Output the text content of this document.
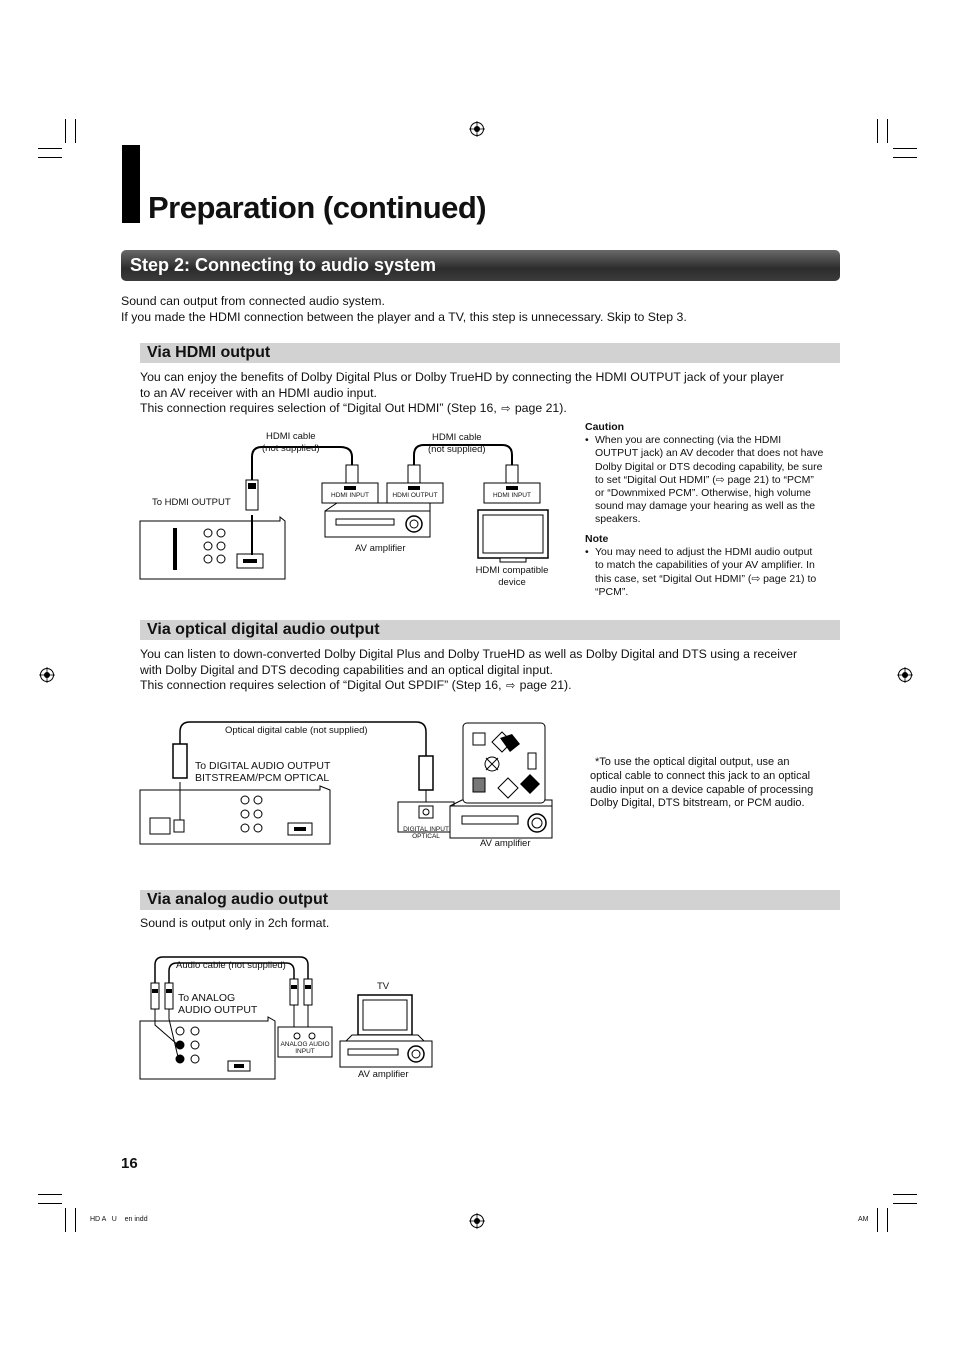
Preparation (continued)
Step 2: Connecting to audio system
Sound can output from connected audio system.
If you made the HDMI connection between the player and a TV, this step is unnecessary. Skip to Step 3.
Via HDMI output
You can enjoy the benefits of Dolby Digital Plus or Dolby TrueHD by connecting the HDMI OUTPUT jack of your player
to an AV receiver with an HDMI audio input.
This connection requires selection of “Digital Out HDMI” (Step 16, ⇨ page 21).
HDMI cable
(not supplied)
HDMI cable
(not supplied)
To HDMI OUTPUT
HDMI INPUT	HDMI OUTPUT	HDMI INPUT
AV amplifier
HDMI compatible
device
Caution
• When you are connecting (via the HDMI
OUTPUT jack) an AV decoder that does not have
Dolby Digital or DTS decoding capability, be sure
to set “Digital Out HDMI” (⇨ page 21) to “PCM”
or “Downmixed PCM”. Otherwise, high volume
sound may damage your hearing as well as the
speakers.
Note
• You may need to adjust the HDMI audio output
to match the capabilities of your AV amplifier. In
this case, set “Digital Out HDMI” (⇨ page 21) to
“PCM”.
Via optical digital audio output
You can listen to down-converted Dolby Digital Plus and Dolby TrueHD as well as Dolby Digital and DTS using a receiver
with Dolby Digital and DTS decoding capabilities and an optical digital input.
This connection requires selection of “Digital Out SPDIF” (Step 16, ⇨ page 21).
Optical digital cable (not supplied)
To DIGITAL AUDIO OUTPUT
BITSTREAM/PCM OPTICAL
DIGITAL INPUT
OPTICAL
AV amplifier
*To use the optical digital output, use an
optical cable to connect this jack to an optical
audio input on a device capable of processing
Dolby Digital, DTS bitstream, or PCM audio.
Via analog audio output
Sound is output only in 2ch format.
Audio cable (not supplied)
To ANALOG
AUDIO OUTPUT
TV
ANALOG AUDIO
INPUT
AV amplifier
16
HD A   U    en indd	AM
